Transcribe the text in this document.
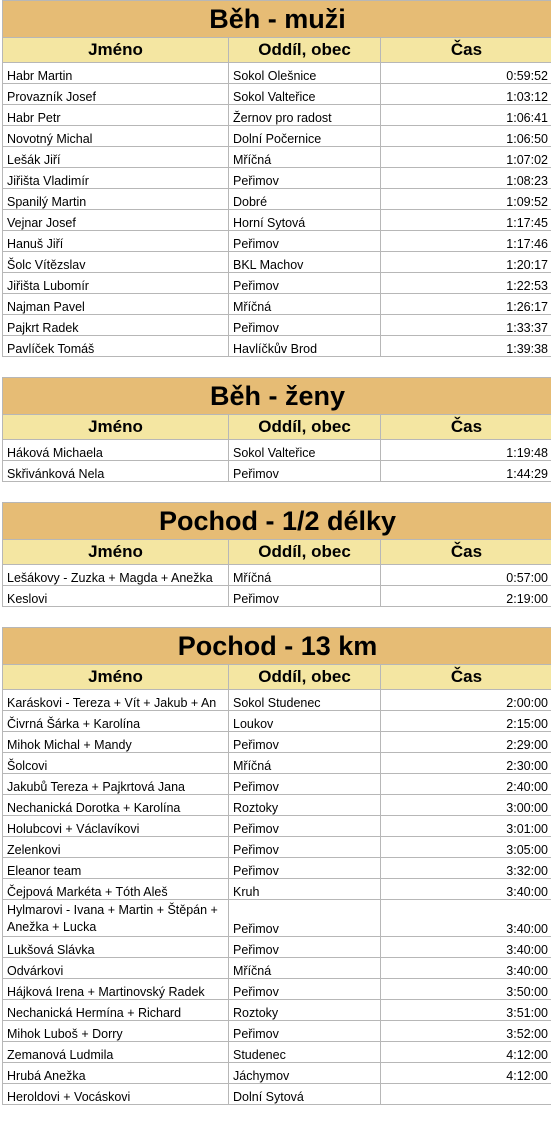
Běh - muži		
Jméno	Oddíl, obec	Čas
Habr Martin	Sokol Olešnice	0:59:52
Provazník Josef	Sokol Valteřice	1:03:12
Habr Petr	Žernov pro radost	1:06:41
Novotný Michal	Dolní Počernice	1:06:50
Lešák Jiří	Mříčná	1:07:02
Jiřišta Vladimír	Peřimov	1:08:23
Spanilý Martin	Dobré	1:09:52
Vejnar Josef	Horní Sytová	1:17:45
Hanuš Jiří	Peřimov	1:17:46
Šolc Vítězslav	BKL Machov	1:20:17
Jiřišta Lubomír	Peřimov	1:22:53
Najman Pavel	Mříčná	1:26:17
Pajkrt Radek	Peřimov	1:33:37
Pavlíček Tomáš	Havlíčkův Brod	1:39:38

Běh - ženy		
Jméno	Oddíl, obec	Čas
Háková Michaela	Sokol Valteřice	1:19:48
Skřivánková Nela	Peřimov	1:44:29

Pochod - 1/2 délky		
Jméno	Oddíl, obec	Čas
Lešákovy - Zuzka + Magda + Anežka	Mříčná	0:57:00
Keslovi	Peřimov	2:19:00

Pochod - 13 km		
Jméno	Oddíl, obec	Čas
Karáskovi - Tereza + Vít + Jakub + An	Sokol Studenec	2:00:00
Čivrná Šárka + Karolína	Loukov	2:15:00
Mihok Michal + Mandy	Peřimov	2:29:00
Šolcovi	Mříčná	2:30:00
Jakubů Tereza + Pajkrtová Jana	Peřimov	2:40:00
Nechanická Dorotka + Karolína	Roztoky	3:00:00
Holubcovi + Václavíkovi	Peřimov	3:01:00
Zelenkovi	Peřimov	3:05:00
Eleanor team	Peřimov	3:32:00
Čejpová Markéta + Tóth Aleš	Kruh	3:40:00
Hylmarovi - Ivana + Martin + Štěpán + Anežka + Lucka	Peřimov	3:40:00
Lukšová Slávka	Peřimov	3:40:00
Odvárkovi	Mříčná	3:40:00
Hájková Irena + Martinovský Radek	Peřimov	3:50:00
Nechanická Hermína + Richard	Roztoky	3:51:00
Mihok Luboš + Dorry	Peřimov	3:52:00
Zemanová Ludmila	Studenec	4:12:00
Hrubá Anežka	Jáchymov	4:12:00
Heroldovi + Vocáskovi	Dolní Sytová	
